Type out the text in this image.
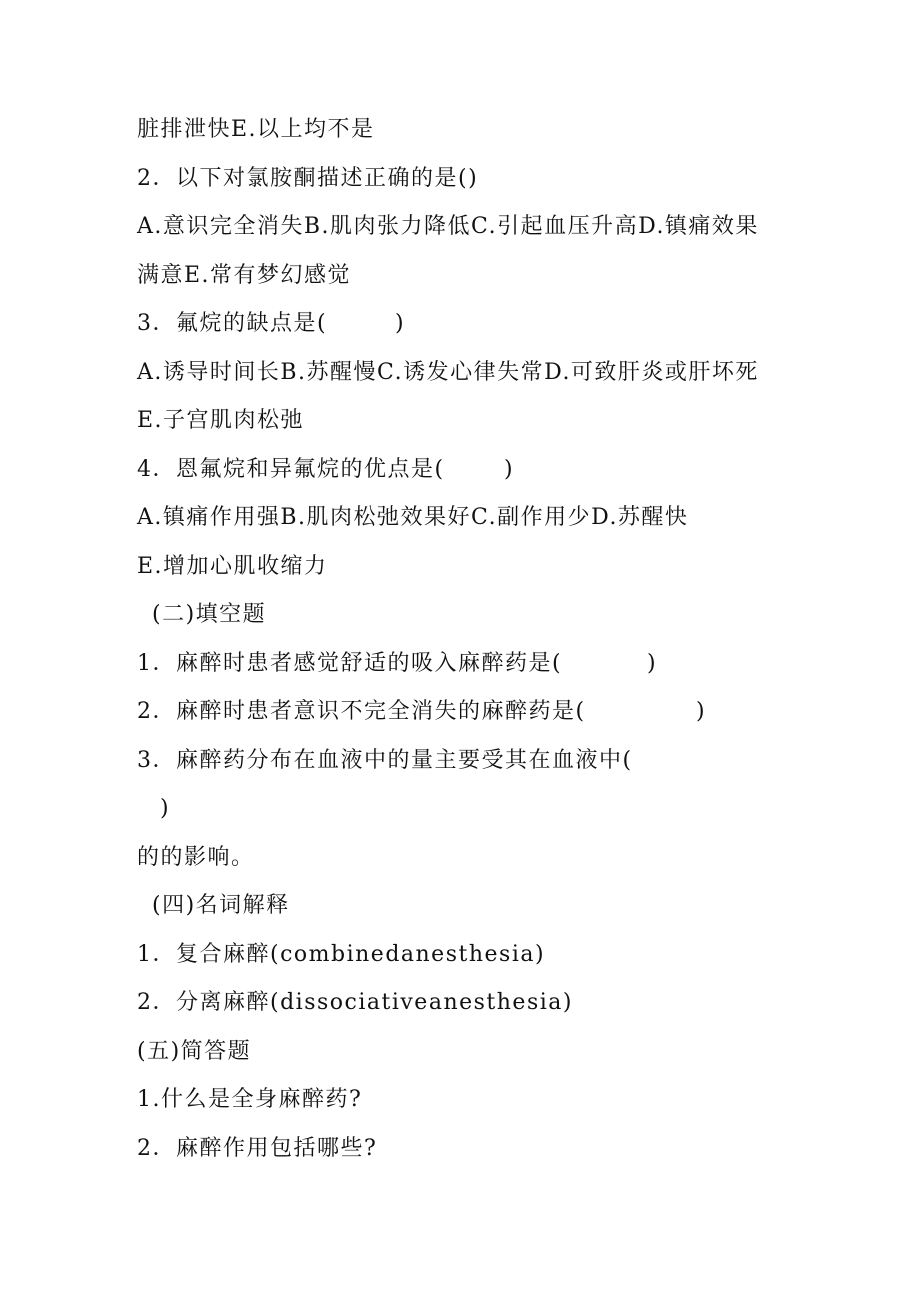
脏排泄快E.以上均不是
2．以下对氯胺酮描述正确的是()
A.意识完全消失B.肌肉张力降低C.引起血压升高D.镇痛效果
满意E.常有梦幻感觉
3．氟烷的缺点是(        )
A.诱导时间长B.苏醒慢C.诱发心律失常D.可致肝炎或肝坏死
E.子宫肌肉松弛
4．恩氟烷和异氟烷的优点是(       )
A.镇痛作用强B.肌肉松弛效果好C.副作用少D.苏醒快
E.增加心肌收缩力
(二)填空题
1．麻醉时患者感觉舒适的吸入麻醉药是(          )
2．麻醉时患者意识不完全消失的麻醉药是(             )
3．麻醉药分布在血液中的量主要受其在血液中(
)
的的影响。
(四)名词解释
1．复合麻醉(combinedanesthesia)
2．分离麻醉(dissociativeanesthesia)
(五)简答题
1.什么是全身麻醉药?
2．麻醉作用包括哪些?
